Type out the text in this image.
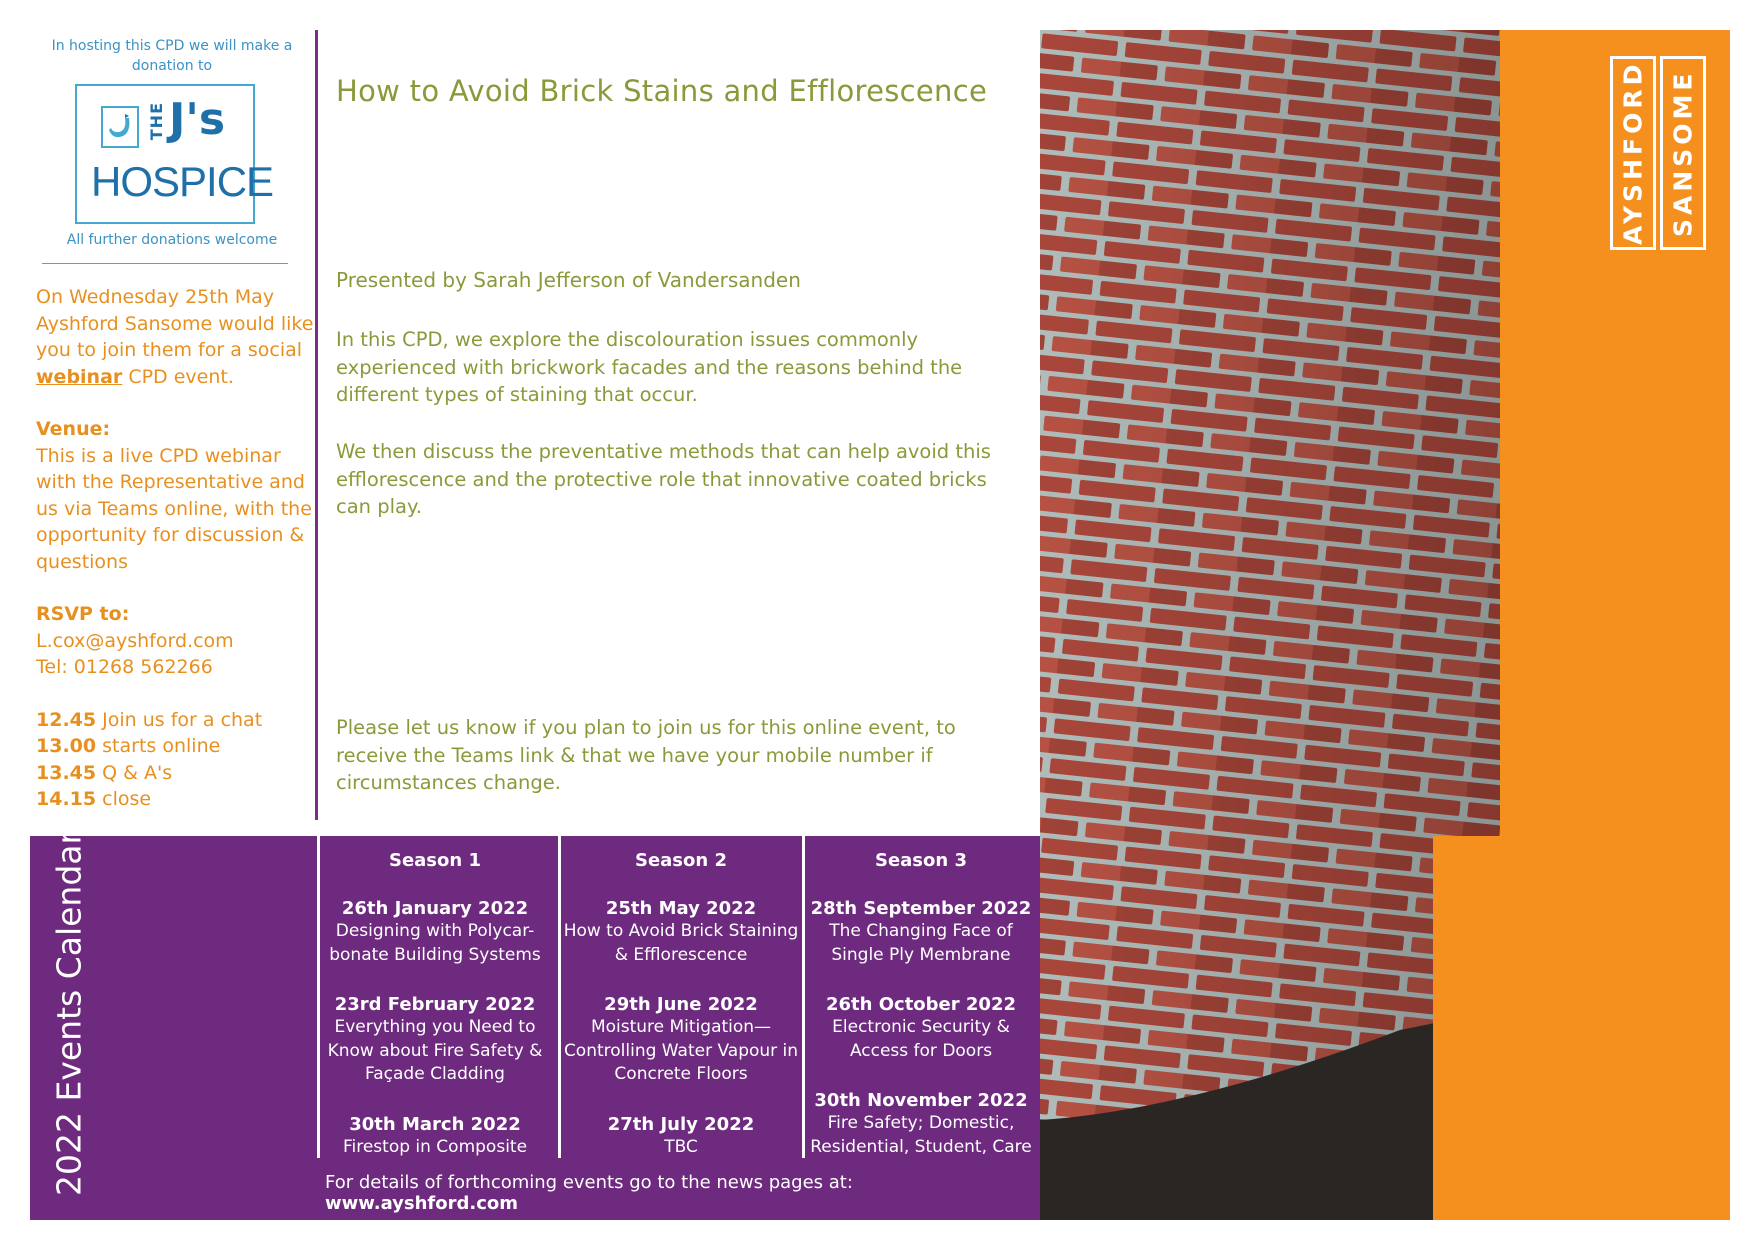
In hosting this CPD we will make a donation to
THE J's
HOSPICE
All further donations welcome

On Wednesday 25th May Ayshford Sansome would like you to join them for a social webinar CPD event.

Venue:

This is a live CPD webinar with the Representative and us via Teams online, with the opportunity for discussion & questions

RSVP to:

L.cox@ayshford.com

Tel: 01268 562266

12.45 Join us for a chat

13.00 starts online

13.45 Q & A's

14.15 close

How to Avoid Brick Stains and Efflorescence
Presented by Sarah Jefferson of Vandersanden

In this CPD, we explore the discolouration issues commonly experienced with brickwork facades and the reasons behind the different types of staining that occur.

We then discuss the preventative methods that can help avoid this efflorescence and the protective role that innovative coated bricks can play.

Please let us know if you plan to join us for this online event, to receive the Teams link & that we have your mobile number if circumstances change.

AYSHFORD SANSOME
2022 Events Calendar	Season 1
26th January 2022
Designing with Polycar-bonate Building Systems
23rd February 2022
Everything you Need to Know about Fire Safety & Façade Cladding
30th March 2022
Firestop in Composite
Season 2
25th May 2022
How to Avoid Brick Staining & Efflorescence
29th June 2022
Moisture Mitigation—Controlling Water Vapour in Concrete Floors
27th July 2022
TBC
Season 3
28th September 2022
The Changing Face of Single Ply Membrane
26th October 2022
Electronic Security & Access for Doors
30th November 2022
Fire Safety; Domestic, Residential, Student, Care
For details of forthcoming events go to the news pages at: www.ayshford.com
